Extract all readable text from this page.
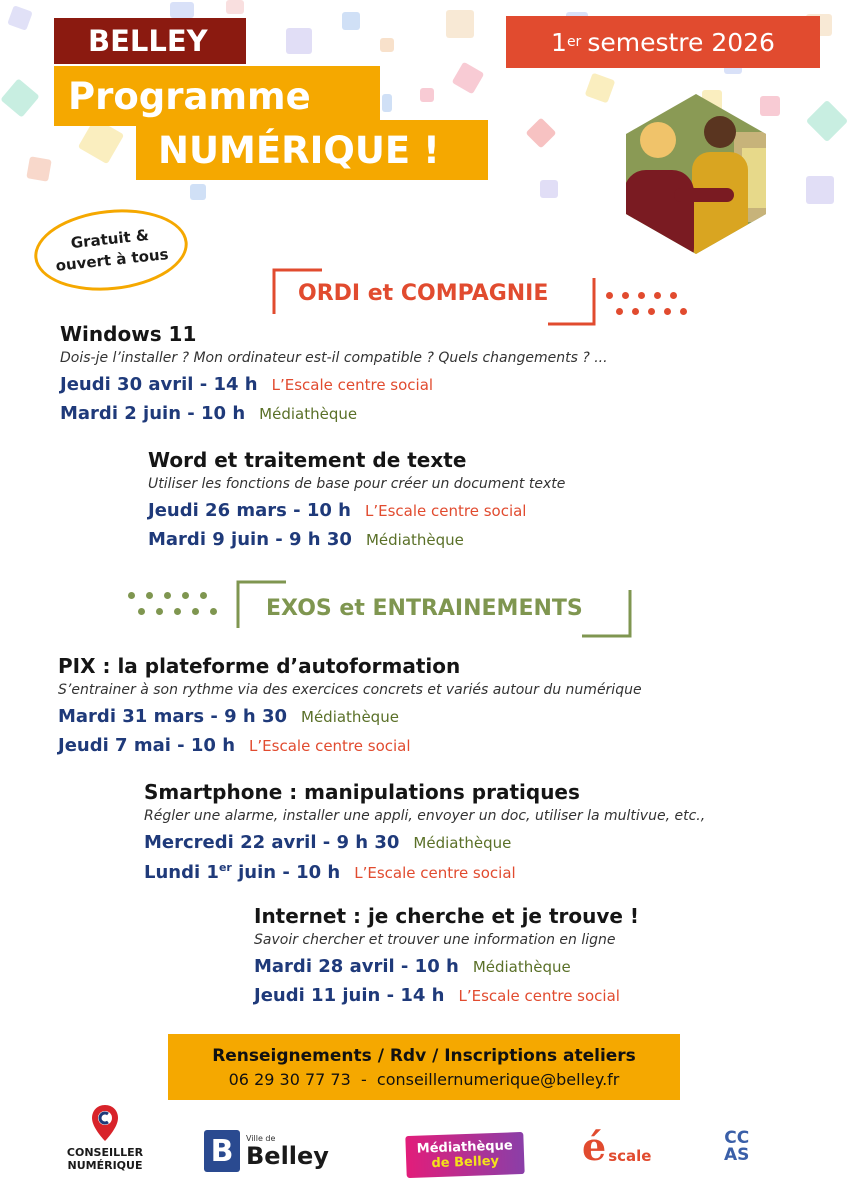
BELLEY
Programme
NUMÉRIQUE !
1 er semestre 2026
Gratuit &
ouvert à tous
ORDI et COMPAGNIE
Windows 11
Dois-je l’installer ? Mon ordinateur est-il compatible ? Quels changements ? ...
Jeudi 30 avril - 14 h L’Escale centre social
Mardi 2 juin - 10 h Médiathèque
Word et traitement de texte
Utiliser les fonctions de base pour créer un document texte
Jeudi 26 mars - 10 h L’Escale centre social
Mardi 9 juin - 9 h 30 Médiathèque
EXOS et ENTRAINEMENTS
PIX : la plateforme d’autoformation
S’entrainer à son rythme via des exercices concrets et variés autour du numérique
Mardi 31 mars - 9 h 30 Médiathèque
Jeudi 7 mai - 10 h L’Escale centre social
Smartphone : manipulations pratiques
Régler une alarme, installer une appli, envoyer un doc, utiliser la multivue, etc.,
Mercredi 22 avril - 9 h 30 Médiathèque
Lundi 1er juin - 10 h L’Escale centre social
Internet : je cherche et je trouve !
Savoir chercher et trouver une information en ligne
Mardi 28 avril - 10 h Médiathèque
Jeudi 11 juin - 14 h L’Escale centre social
Renseignements / Rdv / Inscriptions ateliers
06 29 30 77 73 - conseillernumerique@belley.fr
CONSEILLER
NUMÉRIQUE B	Ville de
Belley	Médiathèque
de Belley é scale
CC
AS
